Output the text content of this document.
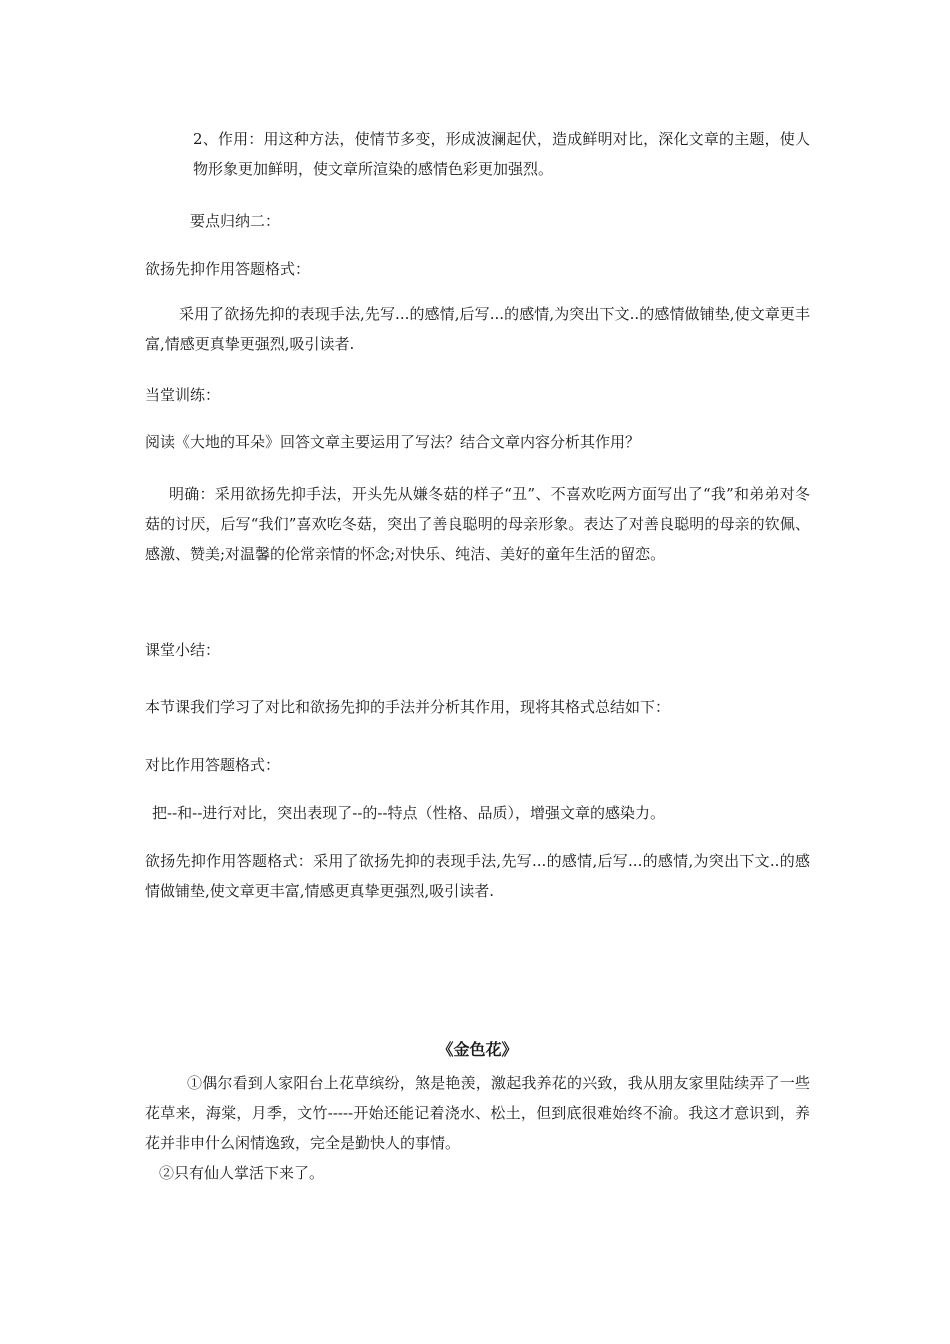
2、作用：用这种方法，使情节多变，形成波澜起伏，造成鲜明对比，深化文章的主题，使人物形象更加鲜明，使文章所渲染的感情色彩更加强烈。

要点归纳二：

欲扬先抑作用答题格式：

采用了欲扬先抑的表现手法,先写...的感情,后写...的感情,为突出下文..的感情做铺垫,使文章更丰富,情感更真挚更强烈,吸引读者.

当堂训练：

阅读《大地的耳朵》回答文章主要运用了写法？结合文章内容分析其作用？

明确：采用欲扬先抑手法，开头先从嫌冬菇的样子“丑”、不喜欢吃两方面写出了“我”和弟弟对冬菇的讨厌，后写“我们”喜欢吃冬菇，突出了善良聪明的母亲形象。表达了对善良聪明的母亲的钦佩、感激、赞美;对温馨的伦常亲情的怀念;对快乐、纯洁、美好的童年生活的留恋。

课堂小结：

本节课我们学习了对比和欲扬先抑的手法并分析其作用，现将其格式总结如下：

对比作用答题格式：

把--和--进行对比，突出表现了--的--特点（性格、品质），增强文章的感染力。

欲扬先抑作用答题格式：采用了欲扬先抑的表现手法,先写...的感情,后写...的感情,为突出下文..的感情做铺垫,使文章更丰富,情感更真挚更强烈,吸引读者.

《金色花》

①偶尔看到人家阳台上花草缤纷，煞是艳羡，激起我养花的兴致，我从朋友家里陆续弄了一些花草来，海棠，月季，文竹-----开始还能记着浇水、松土，但到底很难始终不渝。我这才意识到，养花并非申什么闲情逸致，完全是勤快人的事情。

②只有仙人掌活下来了。
